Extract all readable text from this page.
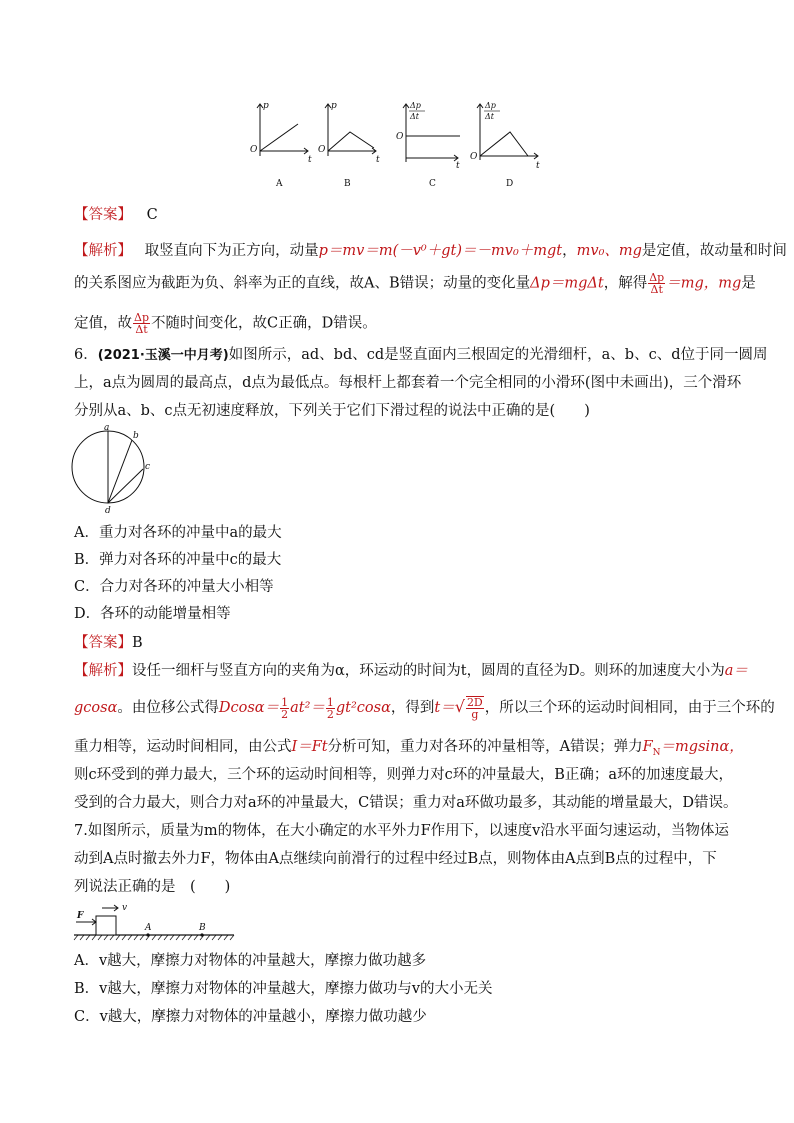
p
O
t
p
O
t
Δp
Δt
O
t
Δp
Δt
O
t
A	B	C	D
【答案】 C
【解析】 取竖直向下为正方向，动量p＝mv＝m(－v⁰＋gt)＝－mv₀＋mgt，mv₀、mg是定值，故动量和时间
的关系图应为截距为负、斜率为正的直线，故A、B错误；动量的变化量Δp＝mgΔt，解得 $\frac{\Delta p}{\Delta t} =mg$，mg是
定值，故 $\frac{\Delta p}{\Delta t}$ 不随时间变化，故C正确，D错误。
6．(2021·玉溪一中月考)如图所示，ad、bd、cd是竖直面内三根固定的光滑细杆，a、b、c、d位于同一圆周
上，a点为圆周的最高点，d点为最低点。每根杆上都套着一个完全相同的小滑环(图中未画出)，三个滑环
分别从a、b、c点无初速度释放，下列关于它们下滑过程的说法中正确的是(　　)
a
b
c
d
A．重力对各环的冲量中a的最大
B．弹力对各环的冲量中c的最大
C．合力对各环的冲量大小相等
D．各环的动能增量相等
【答案】B
【解析】设任一细杆与竖直方向的夹角为α，环运动的时间为t，圆周的直径为D。则环的加速度大小为a＝
gcosα。由位移公式得$Dcos\alpha= \frac{1}{2} at^2= \frac{1}{2} gt^2\cos\alpha$，得到$t=√ \frac{2D}{g}$ ，所以三个环的运动时间相同，由于三个环的
重力相等，运动时间相同，由公式I＝Ft分析可知，重力对各环的冲量相等，A错误；弹力$F_N=mgsin\alpha$，
则c环受到的弹力最大，三个环的运动时间相等，则弹力对c环的冲量最大，B正确；a环的加速度最大，
受到的合力最大，则合力对a环的冲量最大，C错误；重力对a环做功最多，其动能的增量最大，D错误。
7.如图所示，质量为m的物体，在大小确定的水平外力F作用下，以速度v沿水平面匀速运动，当物体运
动到A点时撤去外力F，物体由A点继续向前滑行的过程中经过B点，则物体由A点到B点的过程中，下
列说法正确的是　(　　)
F
v
A	B
A．v越大，摩擦力对物体的冲量越大，摩擦力做功越多
B．v越大，摩擦力对物体的冲量越大，摩擦力做功与v的大小无关
C．v越大，摩擦力对物体的冲量越小，摩擦力做功越少
